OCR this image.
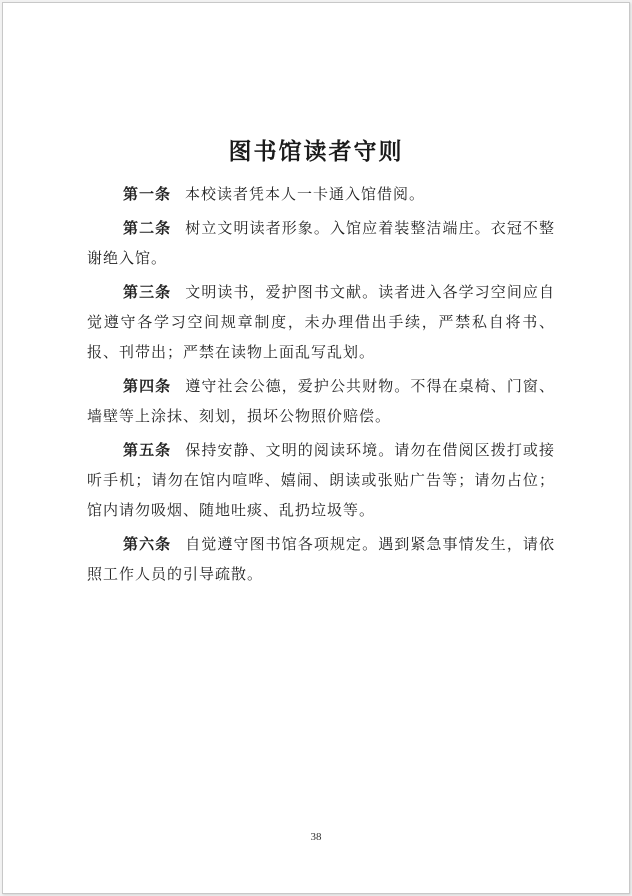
图书馆读者守则

第一条 本校读者凭本人一卡通入馆借阅。

第二条 树立文明读者形象。入馆应着装整洁端庄。衣冠不整谢绝入馆。

第三条 文明读书，爱护图书文献。读者进入各学习空间应自觉遵守各学习空间规章制度，未办理借出手续，严禁私自将书、报、刊带出；严禁在读物上面乱写乱划。

第四条 遵守社会公德，爱护公共财物。不得在桌椅、门窗、墙壁等上涂抹、刻划，损坏公物照价赔偿。

第五条 保持安静、文明的阅读环境。请勿在借阅区拨打或接听手机；请勿在馆内喧哗、嬉闹、朗读或张贴广告等；请勿占位；馆内请勿吸烟、随地吐痰、乱扔垃圾等。

第六条 自觉遵守图书馆各项规定。遇到紧急事情发生，请依照工作人员的引导疏散。

38
